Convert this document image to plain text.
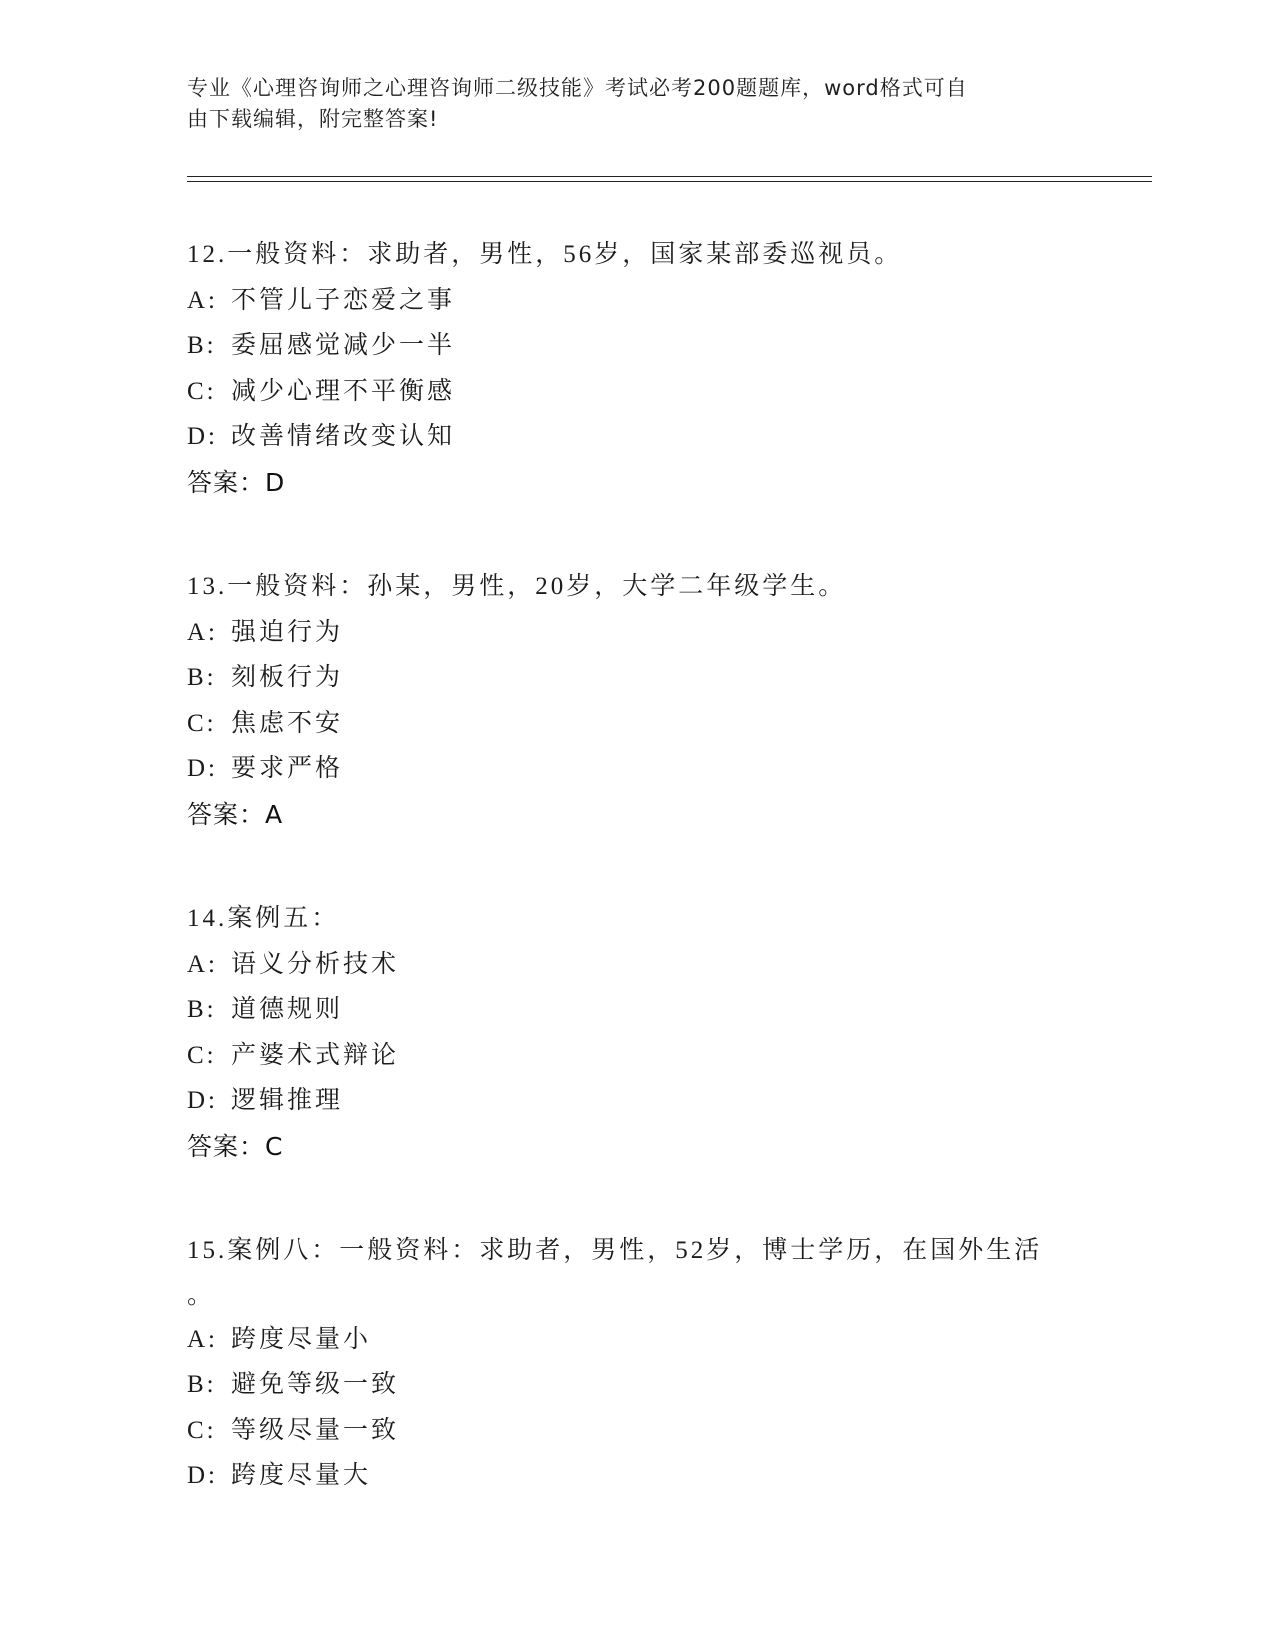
专业《心理咨询师之心理咨询师二级技能》考试必考200题题库，word格式可自

由下载编辑，附完整答案!

12.一般资料：求助者，男性，56岁，国家某部委巡视员。
A: 不管儿子恋爱之事
B: 委屈感觉减少一半
C: 减少心理不平衡感
D: 改善情绪改变认知
答案：D
13.一般资料：孙某，男性，20岁，大学二年级学生。
A: 强迫行为
B: 刻板行为
C: 焦虑不安
D: 要求严格
答案：A
14.案例五：
A: 语义分析技术
B: 道德规则
C: 产婆术式辩论
D: 逻辑推理
答案：C
15.案例八：一般资料：求助者，男性，52岁，博士学历，在国外生活
。
A: 跨度尽量小
B: 避免等级一致
C: 等级尽量一致
D: 跨度尽量大
